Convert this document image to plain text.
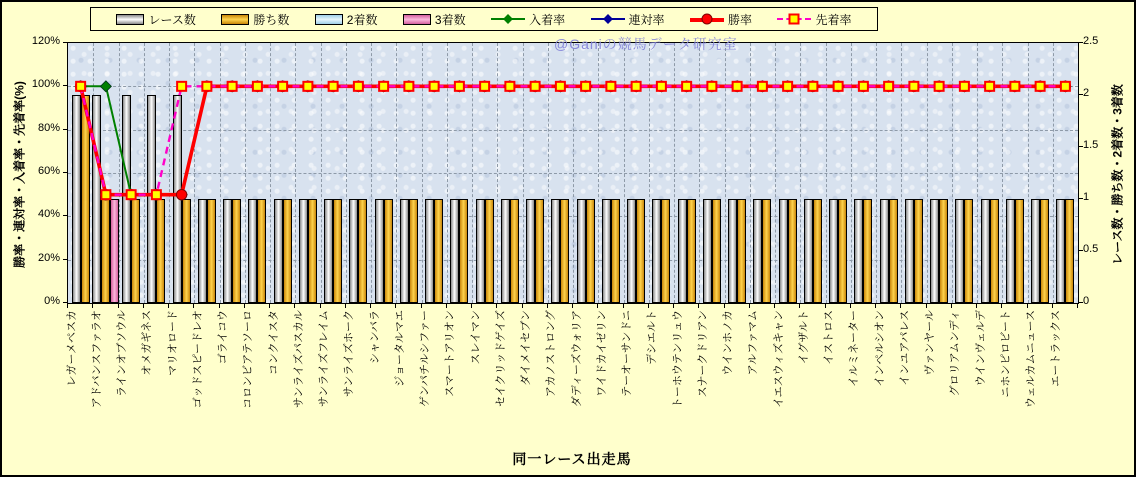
レース数	勝ち数	2着数	3着数	入着率	連対率	勝率	先着率
@Ganiの競馬データ研究室
勝率・連対率・入着率・先着率(%)	レース数・勝ち数・2着数・3着数
0%
20%
40%
60%
80%
100%
120%
0
0.5
1
1.5
2
2.5
レガーメペスカ アドバンスファラオ ラインオブソウル オメガギネス マリオロード ゴッドスピードレオ ゴライコウ コロンビアテソーロ コンクイスタ サンライズパスカル サンライズフレイム サンライズホーク シャンバラ ジョータルマエ ゲンパチルシファー スマートアリオン スレイマン セイクリッドゲイズ ダイメイセブン アカノストロング ダディーズウォリア ワイドカイゼリン テーオーサンドニ デシエルト トーホウテンリュウ スナークドリアン ウインホノカ アルファマム イエスウィズキャン イグザルト イストロス イルミネーター インペルシオン インユアパレス ヴァンヤール グロリアムンディ ウインヴェルデ ニホンピロビート ウェルカムニュース エートラックス
同一レース出走馬
